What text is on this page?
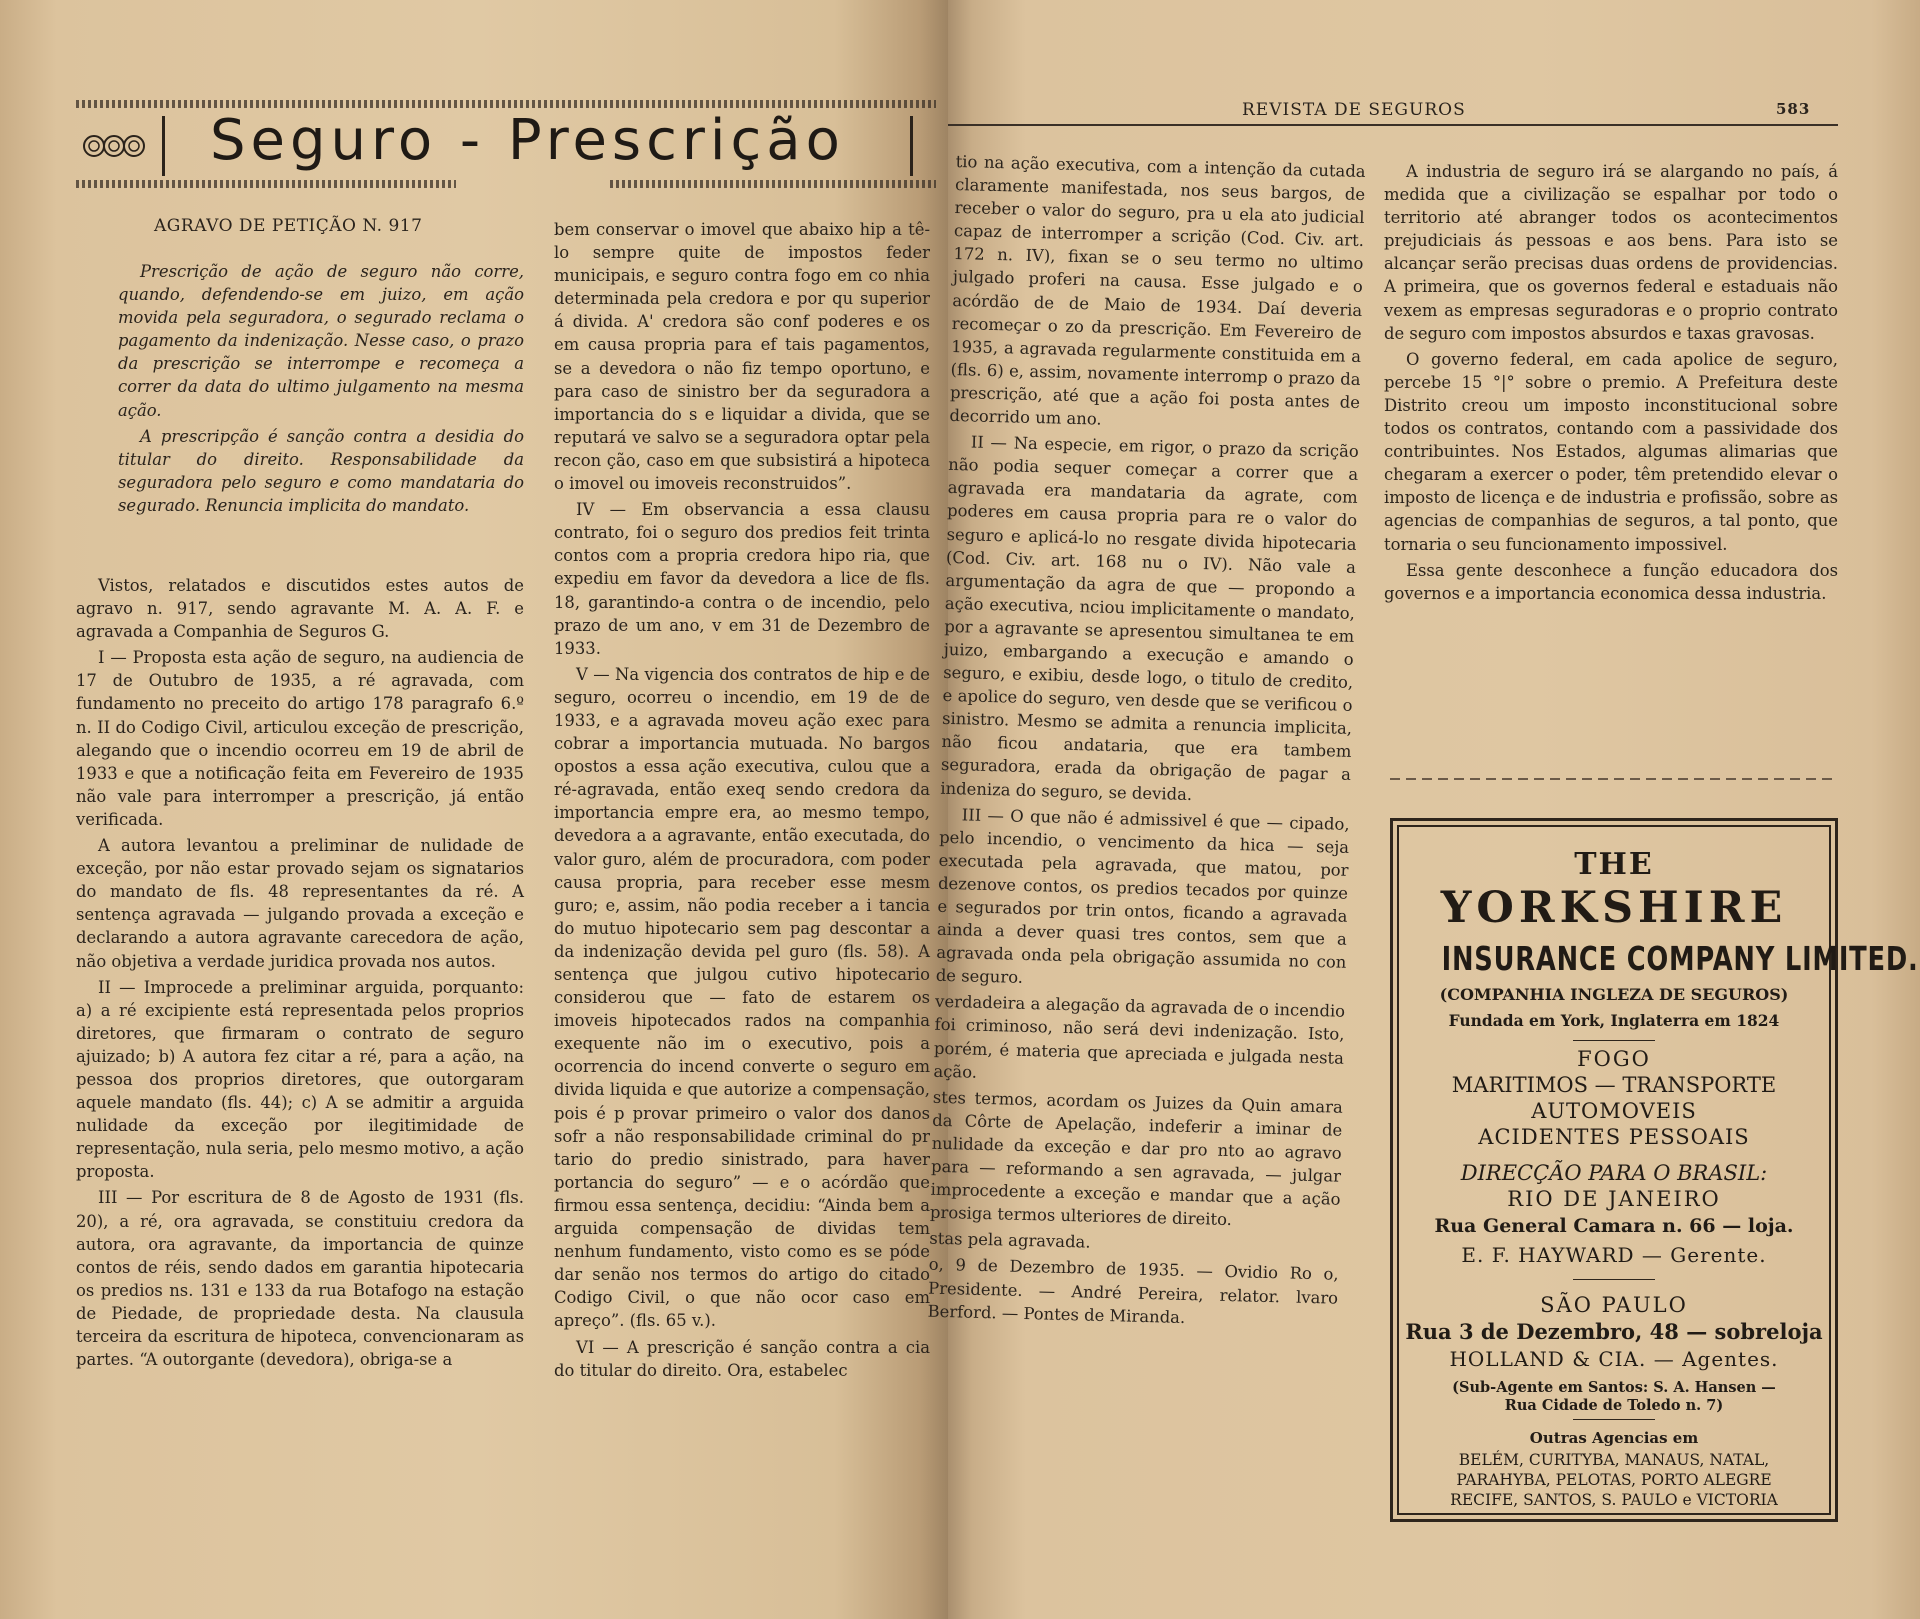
Seguro - Prescrição
AGRAVO DE PETIÇÃO N. 917

Prescrição de ação de seguro não corre, quando, defendendo-se em juizo, em ação movida pela seguradora, o segurado reclama o pagamento da indenização. Nesse caso, o prazo da prescrição se interrompe e recomeça a correr da data do ultimo julgamento na mesma ação.

A prescripção é sanção contra a desidia do titular do direito. Responsabilidade da seguradora pelo seguro e como mandataria do segurado. Renuncia implicita do mandato.

Vistos, relatados e discutidos estes autos de agravo n. 917, sendo agravante M. A. A. F. e agravada a Companhia de Seguros G.

I — Proposta esta ação de seguro, na audiencia de 17 de Outubro de 1935, a ré agravada, com fundamento no preceito do artigo 178 paragrafo 6.º n. II do Codigo Civil, articulou exceção de prescrição, alegando que o incendio ocorreu em 19 de abril de 1933 e que a notificação feita em Fevereiro de 1935 não vale para interromper a prescrição, já então verificada.

A autora levantou a preliminar de nulidade de exceção, por não estar provado sejam os signatarios do mandato de fls. 48 representantes da ré. A sentença agravada — julgando provada a exceção e declarando a autora agravante carecedora de ação, não objetiva a verdade juridica provada nos autos.

II — Improcede a preliminar arguida, porquanto: a) a ré excipiente está representada pelos proprios diretores, que firmaram o contrato de seguro ajuizado; b) A autora fez citar a ré, para a ação, na pessoa dos proprios diretores, que outorgaram aquele mandato (fls. 44); c) A se admitir a arguida nulidade da exceção por ilegitimidade de representação, nula seria, pelo mesmo motivo, a ação proposta.

III — Por escritura de 8 de Agosto de 1931 (fls. 20), a ré, ora agravada, se constituiu credora da autora, ora agravante, da importancia de quinze contos de réis, sendo dados em garantia hipotecaria os predios ns. 131 e 133 da rua Botafogo na estação de Piedade, de propriedade desta. Na clausula terceira da escritura de hipoteca, convencionaram as partes. “A outorgante (devedora), obriga-se a

bem conservar o imovel que abaixo hip a tê-lo sempre quite de impostos feder municipais, e seguro contra fogo em co nhia determinada pela credora e por qu superior á divida. A' credora são conf poderes e os em causa propria para ef tais pagamentos, se a devedora o não fiz tempo oportuno, e para caso de sinistro ber da seguradora a importancia do s e liquidar a divida, que se reputará ve salvo se a seguradora optar pela recon ção, caso em que subsistirá a hipoteca o imovel ou imoveis reconstruidos”.

IV — Em observancia a essa clausu contrato, foi o seguro dos predios feit trinta contos com a propria credora hipo ria, que expediu em favor da devedora a lice de fls. 18, garantindo-a contra o de incendio, pelo prazo de um ano, v em 31 de Dezembro de 1933.

V — Na vigencia dos contratos de hip e de seguro, ocorreu o incendio, em 19 de de 1933, e a agravada moveu ação exec para cobrar a importancia mutuada. No bargos opostos a essa ação executiva, culou que a ré-agravada, então exeq sendo credora da importancia empre era, ao mesmo tempo, devedora a a agravante, então executada, do valor guro, além de procuradora, com poder causa propria, para receber esse mesm guro; e, assim, não podia receber a i tancia do mutuo hipotecario sem pag descontar a da indenização devida pel guro (fls. 58). A sentença que julgou cutivo hipotecario considerou que — fato de estarem os imoveis hipotecados rados na companhia exequente não im o executivo, pois a ocorrencia do incend converte o seguro em divida liquida e que autorize a compensação, pois é p provar primeiro o valor dos danos sofr a não responsabilidade criminal do pr tario do predio sinistrado, para haver portancia do seguro” — e o acórdão que firmou essa sentença, decidiu: “Ainda bem a arguida compensação de dividas tem nenhum fundamento, visto como es se póde dar senão nos termos do artigo do citado Codigo Civil, o que não ocor caso em apreço”. (fls. 65 v.).

VI — A prescrição é sanção contra a cia do titular do direito. Ora, estabelec

REVISTA DE SEGUROS	583

tio na ação executiva, com a intenção da cutada claramente manifestada, nos seus bargos, de receber o valor do seguro, pra u ela ato judicial capaz de interromper a scrição (Cod. Civ. art. 172 n. IV), fixan se o seu termo no ultimo julgado proferi na causa. Esse julgado e o acórdão de de Maio de 1934. Daí deveria recomeçar o zo da prescrição. Em Fevereiro de 1935, a agravada regularmente constituida em a (fls. 6) e, assim, novamente interromp o prazo da prescrição, até que a ação foi posta antes de decorrido um ano.

II — Na especie, em rigor, o prazo da scrição não podia sequer começar a correr que a agravada era mandataria da agrate, com poderes em causa propria para re o valor do seguro e aplicá-lo no resgate divida hipotecaria (Cod. Civ. art. 168 nu o IV). Não vale a argumentação da agra de que — propondo a ação executiva, nciou implicitamente o mandato, por a agravante se apresentou simultanea te em juizo, embargando a execução e amando o seguro, e exibiu, desde logo, o titulo de credito, e apolice do seguro, ven desde que se verificou o sinistro. Mesmo se admita a renuncia implicita, não ficou andataria, que era tambem seguradora, erada da obrigação de pagar a indeniza do seguro, se devida.

III — O que não é admissivel é que — cipado, pelo incendio, o vencimento da hica — seja executada pela agravada, que matou, por dezenove contos, os predios tecados por quinze e segurados por trin ontos, ficando a agravada ainda a dever quasi tres contos, sem que a agravada onda pela obrigação assumida no con de seguro.

verdadeira a alegação da agravada de o incendio foi criminoso, não será devi indenização. Isto, porém, é materia que apreciada e julgada nesta ação.

stes termos, acordam os Juizes da Quin amara da Côrte de Apelação, indeferir a iminar de nulidade da exceção e dar pro nto ao agravo para — reformando a sen agravada, — julgar improcedente a exceção e mandar que a ação prosiga termos ulteriores de direito.

stas pela agravada.

o, 9 de Dezembro de 1935. — Ovidio Ro o, Presidente. — André Pereira, relator. lvaro Berford. — Pontes de Miranda.

A industria de seguro irá se alargando no país, á medida que a civilização se espalhar por todo o territorio até abranger todos os acontecimentos prejudiciais ás pessoas e aos bens. Para isto se alcançar serão precisas duas ordens de providencias. A primeira, que os governos federal e estaduais não vexem as empresas seguradoras e o proprio contrato de seguro com impostos absurdos e taxas gravosas.

O governo federal, em cada apolice de seguro, percebe 15 °|° sobre o premio. A Prefeitura deste Distrito creou um imposto inconstitucional sobre todos os contratos, contando com a passividade dos contribuintes. Nos Estados, algumas alimarias que chegaram a exercer o poder, têm pretendido elevar o imposto de licença e de industria e profissão, sobre as agencias de companhias de seguros, a tal ponto, que tornaria o seu funcionamento impossivel.

Essa gente desconhece a função educadora dos governos e a importancia economica dessa industria.

THE
YORKSHIRE
INSURANCE COMPANY LIMITED.
(COMPANHIA INGLEZA DE SEGUROS)
Fundada em York, Inglaterra em 1824
FOGO
MARITIMOS — TRANSPORTE
AUTOMOVEIS
ACIDENTES PESSOAIS
DIRECÇÃO PARA O BRASIL:
RIO DE JANEIRO
Rua General Camara n. 66 — loja.
E. F. HAYWARD — Gerente.
SÃO PAULO
Rua 3 de Dezembro, 48 — sobreloja
HOLLAND & CIA. — Agentes.
(Sub-Agente em Santos: S. A. Hansen —
Rua Cidade de Toledo n. 7)
Outras Agencias em
BELÉM, CURITYBA, MANAUS, NATAL,
PARAHYBA, PELOTAS, PORTO ALEGRE
RECIFE, SANTOS, S. PAULO e VICTORIA
